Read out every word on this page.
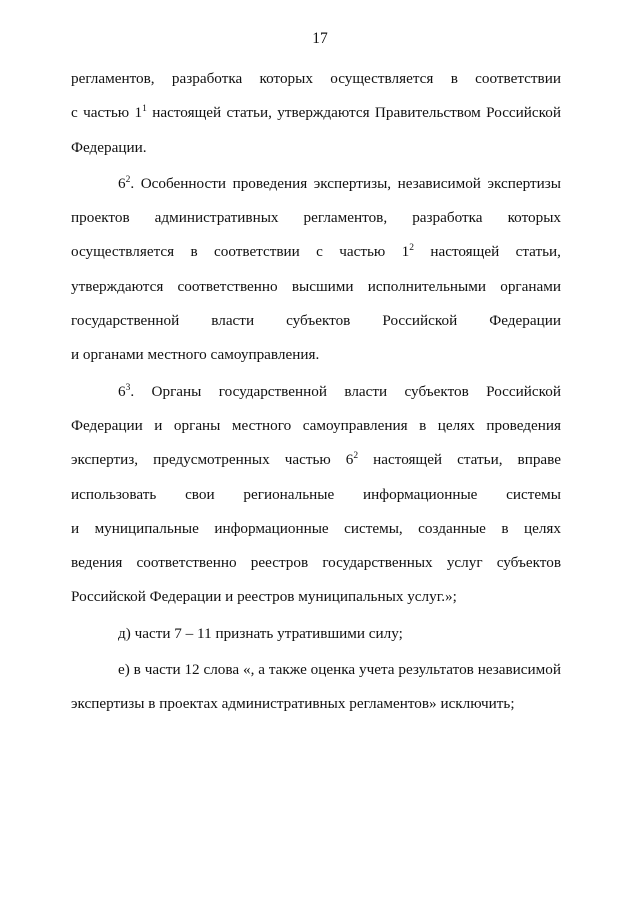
17
регламентов, разработка которых осуществляется в соответствии
с частью $1^1$ настоящей статьи, утверждаются Правительством Российской
Федерации.
$6^2$. Особенности проведения экспертизы, независимой экспертизы
проектов административных регламентов, разработка которых
осуществляется в соответствии с частью $1^2$ настоящей статьи,
утверждаются соответственно высшими исполнительными органами
государственной власти субъектов Российской Федерации
и органами местного самоуправления.
$6^3$. Органы государственной власти субъектов Российской
Федерации и органы местного самоуправления в целях проведения
экспертиз, предусмотренных частью $6^2$ настоящей статьи, вправе
использовать свои региональные информационные системы
и муниципальные информационные системы, созданные в целях
ведения соответственно реестров государственных услуг субъектов
Российской Федерации и реестров муниципальных услуг.»;
д) части 7 – 11 признать утратившими силу;
е) в части 12 слова «, а также оценка учета результатов независимой
экспертизы в проектах административных регламентов» исключить;
